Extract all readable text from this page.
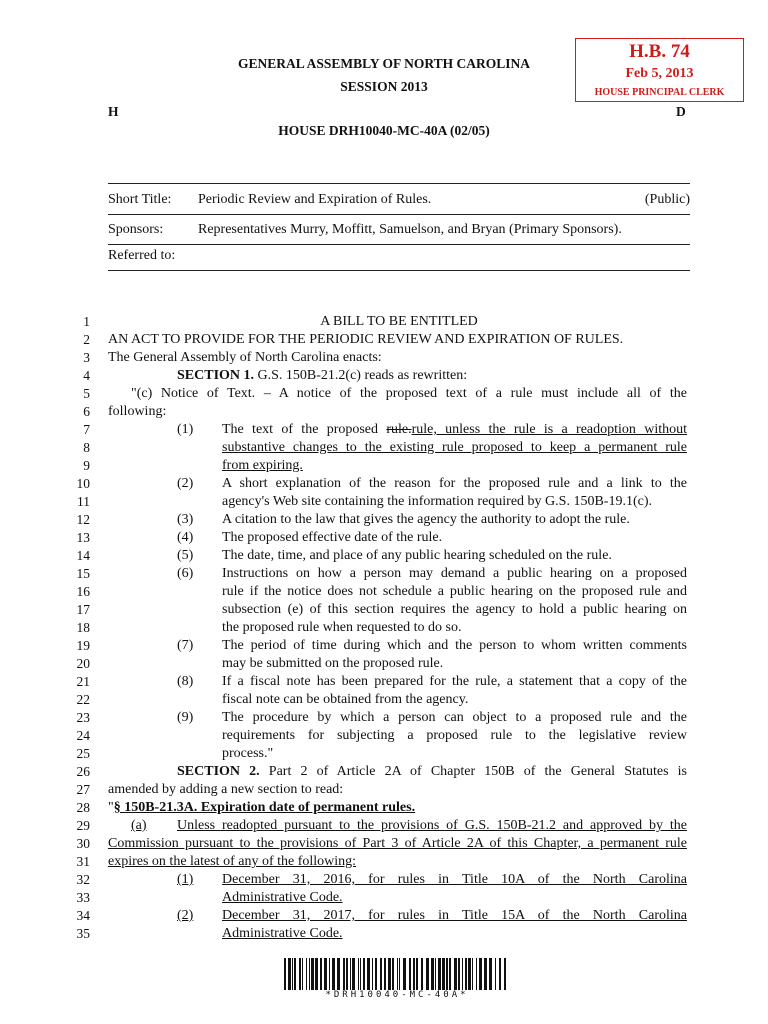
H.B. 74
Feb 5, 2013
HOUSE PRINCIPAL CLERK
GENERAL ASSEMBLY OF NORTH CAROLINA
SESSION 2013
H	D
HOUSE DRH10040-MC-40A (02/05)
Short Title: Periodic Review and Expiration of Rules.	(Public)
Sponsors: Representatives Murry, Moffitt, Samuelson, and Bryan (Primary Sponsors).
Referred to:
1
2
3
4
5
6
7
8
9
10
11
12
13
14
15
16
17
18
19
20
21
22
23
24
25
26
27
28
29
30
31
32
33
34
35
A BILL TO BE ENTITLED
AN ACT TO PROVIDE FOR THE PERIODIC REVIEW AND EXPIRATION OF RULES.
The General Assembly of North Carolina enacts:
SECTION 1. G.S. 150B-21.2(c) reads as rewritten:
"(c) Notice of Text. – A notice of the proposed text of a rule must include all of the
following:
(1) The text of the proposed rule.rule, unless the rule is a readoption without
substantive changes to the existing rule proposed to keep a permanent rule
from expiring.
(2) A short explanation of the reason for the proposed rule and a link to the
agency's Web site containing the information required by G.S. 150B-19.1(c).
(3) A citation to the law that gives the agency the authority to adopt the rule.
(4) The proposed effective date of the rule.
(5) The date, time, and place of any public hearing scheduled on the rule.
(6) Instructions on how a person may demand a public hearing on a proposed
rule if the notice does not schedule a public hearing on the proposed rule and
subsection (e) of this section requires the agency to hold a public hearing on
the proposed rule when requested to do so.
(7) The period of time during which and the person to whom written comments
may be submitted on the proposed rule.
(8) If a fiscal note has been prepared for the rule, a statement that a copy of the
fiscal note can be obtained from the agency.
(9) The procedure by which a person can object to a proposed rule and the
requirements for subjecting a proposed rule to the legislative review
process."
SECTION 2. Part 2 of Article 2A of Chapter 150B of the General Statutes is
amended by adding a new section to read:
"§ 150B-21.3A. Expiration date of permanent rules.
(a) Unless readopted pursuant to the provisions of G.S. 150B-21.2 and approved by the
Commission pursuant to the provisions of Part 3 of Article 2A of this Chapter, a permanent rule
expires on the latest of any of the following:
(1) December 31, 2016, for rules in Title 10A of the North Carolina
Administrative Code.
(2) December 31, 2017, for rules in Title 15A of the North Carolina
Administrative Code.
*DRH10040-MC-40A*
